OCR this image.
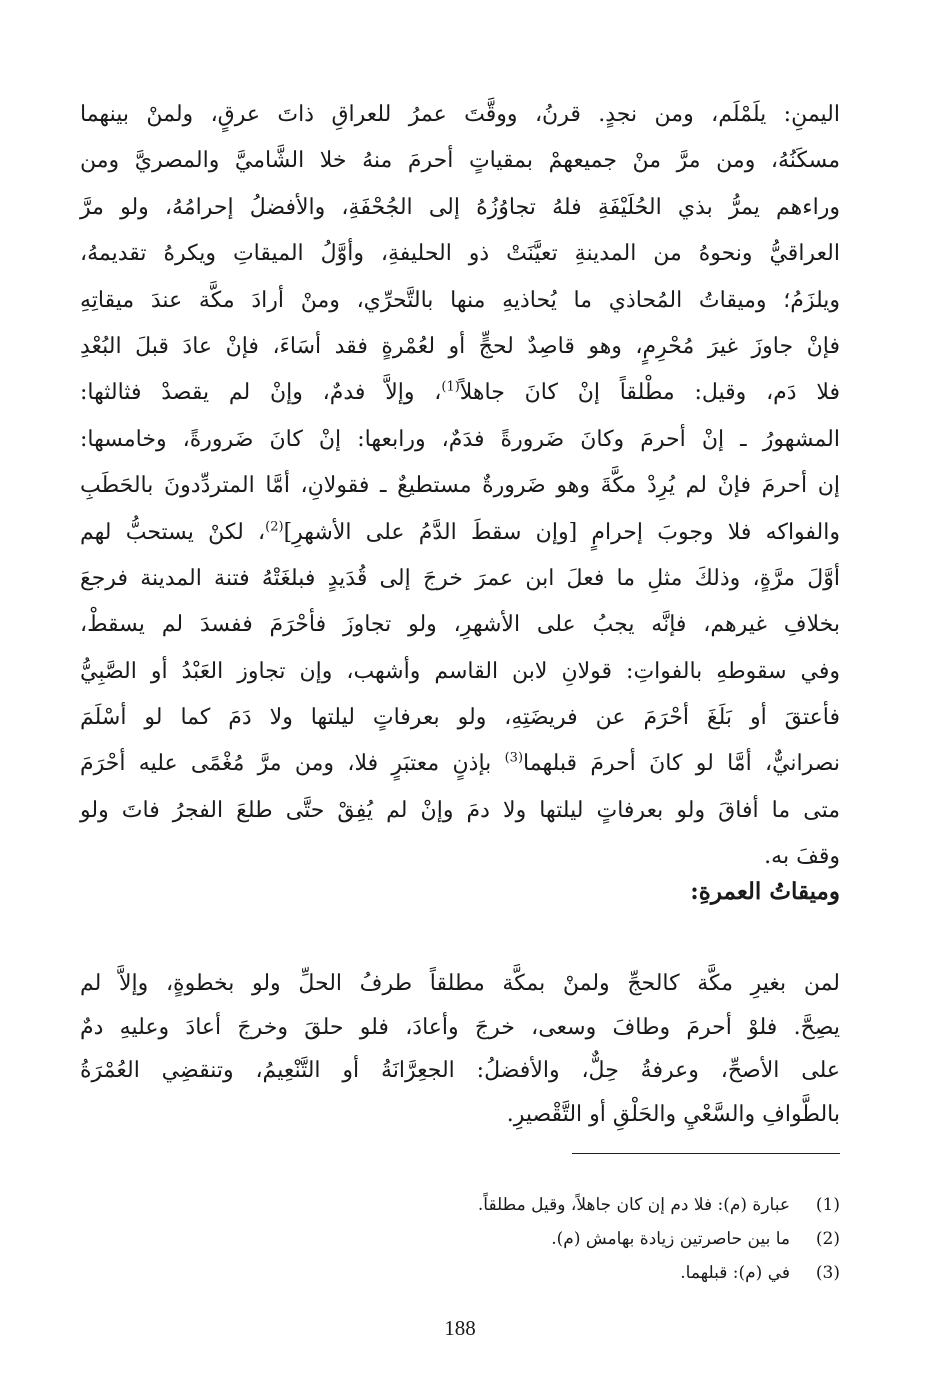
اليمنِ: يلَمْلَم، ومن نجدٍ. قرنُ، ووقَّتَ عمرُ للعراقِ ذاتَ عرقٍ، ولمنْ بينهما
مسكَنُهُ، ومن مرَّ منْ جميعهمْ بمقياتٍ أحرمَ منهُ خلا الشَّاميَّ والمصريَّ ومن
وراءهم يمرُّ بذي الحُلَيْفَةِ فلهُ تجاوُزُهُ إلى الجُحْفَةِ، والأفضلُ إحرامُهُ، ولو مرَّ
العراقيُّ ونحوهُ من المدينةِ تعيَّنَتْ ذو الحليفةِ، وأوَّلُ الميقاتِ ويكرهُ تقديمهُ،
ويلزَمُ؛ وميقاتُ المُحاذي ما يُحاذيهِ منها بالتَّحرِّي، ومنْ أرادَ مكَّة عندَ ميقاتِهِ
فإنْ جاوزَ غيرَ مُحْرِمٍ، وهو قاصِدٌ لحجٍّ أو لعُمْرةٍ فقد أسَاءَ، فإنْ عادَ قبلَ البُعْدِ
فلا دَم، وقيل: مطْلقاً إنْ كانَ جاهلاً$^{(1)}$، وإلاَّ فدمٌ، وإنْ لم يقصدْ فثالثها:
المشهورُ ـ إنْ أحرمَ وكانَ ضَرورةً فدَمٌ، ورابعها: إنْ كانَ ضَرورةً، وخامسها:
إن أحرمَ فإنْ لم يُرِدْ مكَّةَ وهو ضَرورةٌ مستطيعٌ ـ فقولانِ، أمَّا المتردِّدونَ بالحَطَبِ
والفواكه فلا وجوبَ إحرامٍ [وإن سقطَ الدَّمُ على الأشهرِ]$^{(2)}$، لكنْ يستحبُّ لهم
أوَّلَ مرَّةٍ، وذلكَ مثلِ ما فعلَ ابن عمرَ خرجَ إلى قُدَيدٍ فبلغَتْهُ فتنة المدينة فرجعَ
بخلافِ غيرهم، فإنَّه يجبُ على الأشهرِ، ولو تجاوزَ فأحْرَمَ ففسدَ لم يسقطْ،
وفي سقوطهِ بالفواتِ: قولانِ لابن القاسم وأشهب، وإن تجاوز العَبْدُ أو الصَّبِيُّ
فأعتقَ أو بَلَغَ أحْرَمَ عن فريضَتِهِ، ولو بعرفاتٍ ليلتها ولا دَمَ كما لو أسْلَمَ
نصرانيٌّ، أمَّا لو كانَ أحرمَ قبلهما$^{(3)}$ بإذنٍ معتبَرٍ فلا، ومن مرَّ مُغْمًى عليه أحْرَمَ
متى ما أفاقَ ولو بعرفاتٍ ليلتها ولا دمَ وإنْ لم يُفِقْ حتَّى طلعَ الفجرُ فاتَ ولو
وقفَ به.
وميقاتُ العمرةِ:
لمن بغيرِ مكَّة كالحجِّ ولمنْ بمكَّة مطلقاً طرفُ الحلِّ ولو بخطوةٍ، وإلاَّ لم
يصِحَّ. فلوْ أحرمَ وطافَ وسعى، خرجَ وأعادَ، فلو حلقَ وخرجَ أعادَ وعليهِ دمٌ
على الأصحِّ، وعرفةُ حِلٌّ، والأفضلُ: الجعِرَّانَةُ أو التَّنْعِيمُ، وتنقضِي العُمْرَةُ
بالطَّوافِ والسَّعْيِ والحَلْقِ أو التَّقْصيرِ.
(1)
عبارة (م): فلا دم إن كان جاهلاً، وقيل مطلقاً.
(2)
ما بين حاصرتين زيادة بهامش (م).
(3)
في (م): قبلهما.
188
